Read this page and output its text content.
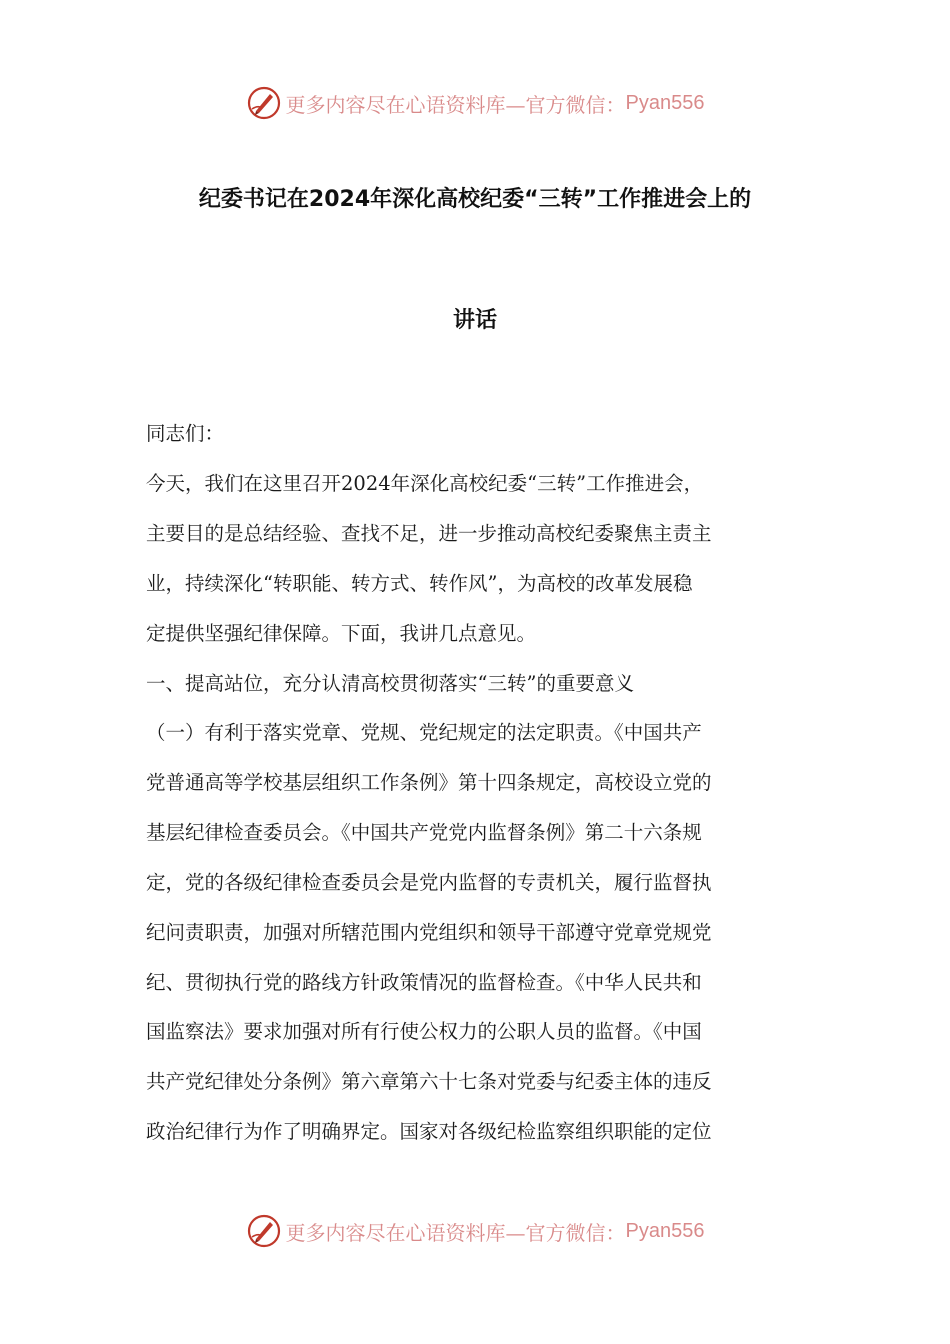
更多内容尽在心语资料库—官方微信： Pyan556
纪委书记在2024年深化高校纪委“三转”工作推进会上的
讲话
同志们：
今天，我们在这里召开2024年深化高校纪委“三转”工作推进会，
主要目的是总结经验、查找不足，进一步推动高校纪委聚焦主责主
业，持续深化“转职能、转方式、转作风”，为高校的改革发展稳
定提供坚强纪律保障。下面，我讲几点意见。
一、提高站位，充分认清高校贯彻落实“三转”的重要意义
（一）有利于落实党章、党规、党纪规定的法定职责。《中国共产
党普通高等学校基层组织工作条例》第十四条规定，高校设立党的
基层纪律检查委员会。《中国共产党党内监督条例》第二十六条规
定，党的各级纪律检查委员会是党内监督的专责机关，履行监督执
纪问责职责，加强对所辖范围内党组织和领导干部遵守党章党规党
纪、贯彻执行党的路线方针政策情况的监督检查。《中华人民共和
国监察法》要求加强对所有行使公权力的公职人员的监督。《中国
共产党纪律处分条例》第六章第六十七条对党委与纪委主体的违反
政治纪律行为作了明确界定。国家对各级纪检监察组织职能的定位
更多内容尽在心语资料库—官方微信： Pyan556
